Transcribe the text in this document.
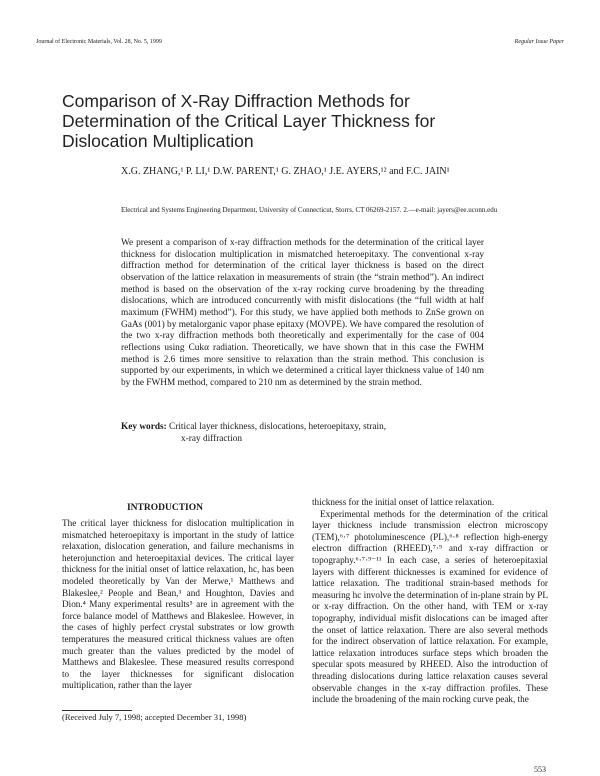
Journal of Electronic Materials, Vol. 28, No. 5, 1999	Regular Issue Paper
Comparison of X-Ray Diffraction Methods for Determination of the Critical Layer Thickness for Dislocation Multiplication
X.G. ZHANG,¹ P. LI,¹ D.W. PARENT,¹ G. ZHAO,¹ J.E. AYERS,¹² and F.C. JAIN¹
Electrical and Systems Engineering Department, University of Connecticut, Storrs, CT 06269-2157. 2.—e-mail: jayers@ee.uconn.edu
We present a comparison of x-ray diffraction methods for the determination of the critical layer thickness for dislocation multiplication in mismatched heteroepitaxy. The conventional x-ray diffraction method for determination of the critical layer thickness is based on the direct observation of the lattice relaxation in measurements of strain (the “strain method”). An indirect method is based on the observation of the x-ray rocking curve broadening by the threading dislocations, which are introduced concurrently with misfit dislocations (the “full width at half maximum (FWHM) method”). For this study, we have applied both methods to ZnSe grown on GaAs (001) by metalorganic vapor phase epitaxy (MOVPE). We have compared the resolution of the two x-ray diffraction methods both theoretically and experimentally for the case of 004 reflections using Cukα radiation. Theoretically, we have shown that in this case the FWHM method is 2.6 times more sensitive to relaxation than the strain method. This conclusion is supported by our experiments, in which we determined a critical layer thickness value of 140 nm by the FWHM method, compared to 210 nm as determined by the strain method.
Key words: Critical layer thickness, dislocations, heteroepitaxy, strain,
x-ray diffraction
INTRODUCTION

The critical layer thickness for dislocation multiplication in mismatched heteroepitaxy is important in the study of lattice relaxation, dislocation generation, and failure mechanisms in heterojunction and heteroepitaxial devices. The critical layer thickness for the initial onset of lattice relaxation, hc, has been modeled theoretically by Van der Merwe,¹ Matthews and Blakeslee,² People and Bean,³ and Houghton, Davies and Dion.⁴ Many experimental results⁵ are in agreement with the force balance model of Matthews and Blakeslee. However, in the cases of highly perfect crystal substrates or low growth temperatures the measured critical thickness values are often much greater than the values predicted by the model of Matthews and Blakeslee. These measured results correspond to the layer thicknesses for significant dislocation multiplication, rather than the layer

thickness for the initial onset of lattice relaxation.

Experimental methods for the determination of the critical layer thickness include transmission electron microscopy (TEM),⁶·⁷ photoluminescence (PL),⁶·⁸ reflection high-energy electron diffraction (RHEED),⁷·⁹ and x-ray diffraction or topography.⁶·⁷·⁹⁻¹¹ In each case, a series of heteroepitaxial layers with different thicknesses is examined for evidence of lattice relaxation. The traditional strain-based methods for measuring hc involve the determination of in-plane strain by PL or x-ray diffraction. On the other hand, with TEM or x-ray topography, individual misfit dislocations can be imaged after the onset of lattice relaxation. There are also several methods for the indirect observation of lattice relaxation. For example, lattice relaxation introduces surface steps which broaden the specular spots measured by RHEED. Also the introduction of threading dislocations during lattice relaxation causes several observable changes in the x-ray diffraction profiles. These include the broadening of the main rocking curve peak, the

(Received July 7, 1998; accepted December 31, 1998)
553
